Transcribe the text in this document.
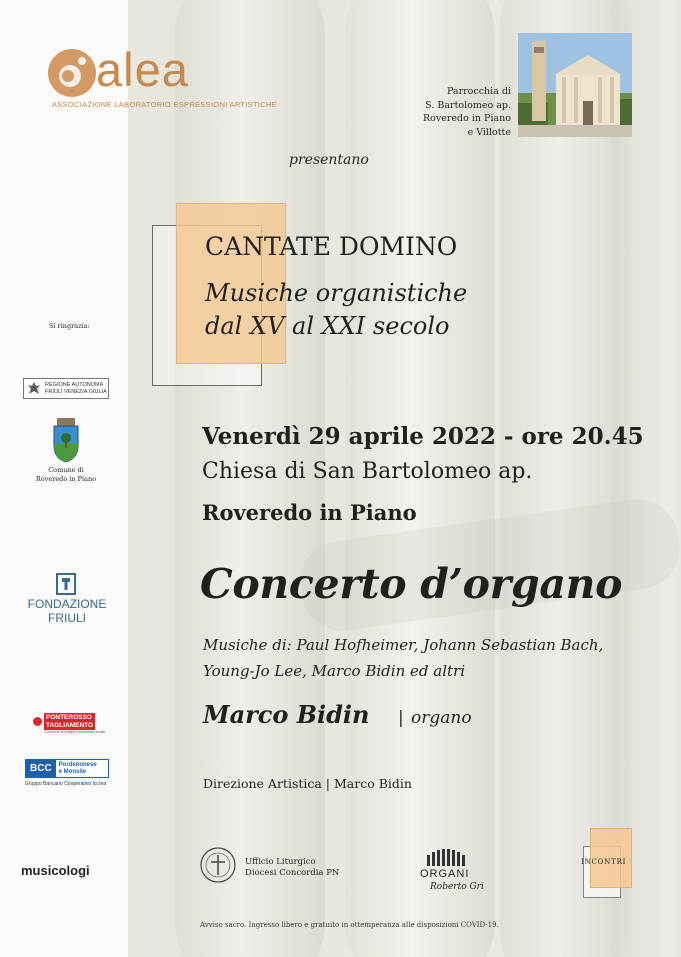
alea
ASSOCIAZIONE LABORATORIO ESPRESSIONI ARTISTICHE
Parrocchia di
S. Bartolomeo ap.
Roveredo in Piano
e Villotte
presentano
CANTATE DOMINO
Musiche organistiche
dal XV al XXI secolo
Si ringrazia:
REGIONE AUTONOMA
FRIULI VENEZIA GIULIA
Comune di
Roveredo in Piano
FONDAZIONE
FRIULI
PONTEROSSO
TAGLIAMENTO
Consorzio di sviluppo economico locale
BCC	Pordenonese
e Monsile
Gruppo Bancario Cooperativo Iccrea
musicologi
Venerdì 29 aprile 2022 - ore 20.45
Chiesa di San Bartolomeo ap.
Roveredo in Piano
Concerto d’organo
Musiche di: Paul Hofheimer, Johann Sebastian Bach,
Young-Jo Lee, Marco Bidin ed altri
Marco Bidin | organo
Direzione Artistica | Marco Bidin
Ufficio Liturgico
Diocesi Concordia PN	ORGANI
Roberto Gri
INCONTRI
Avviso sacro. Ingresso libero e gratuito in ottemperanza alle disposizioni COVID-19.
